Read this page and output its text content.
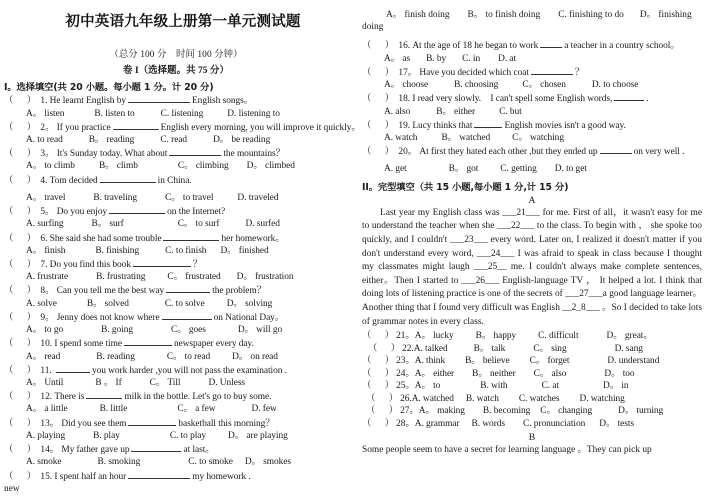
初中英语九年级上册第一单元测试题
（总分 100 分　时间 100 分钟）
卷 I（选择题。共 75 分）
I。选择填空(共 20 小题。每小题 1 分。计 20 分)
（　） 1. He learnt English by	English songs。
A。 listen	B. listen to	C. listening	D. listening to
（　） 2。 If you practice	English every morning, you will improve it quickly。
A. to read	B。 reading	C. read	D。 be reading
（　） 3。 It's Sunday today. What about	the mountains？
A。 to climb	B。 climb	C。 climbing D。 climbed
（　） 4. Tom decided	in China.
A。 travel	B. traveling	C。 to travel	D. traveled
（　） 5。 Do you enjoy	on the Internet?
A. surfing	B。 surf	C。 to surf	D. surfed
（　） 6. She said she had some trouble	her homework。
A。 finish	B. finishing	C. to finish D。 finished
（　） 7. Do you find this book	？
A. frustrate	B. frustrating C。 frustrated D。 frustration
（　） 8。 Can you tell me the best way	the problem？
A. solve	B。 solved	C. to solve D。 solving
（　） 9。 Jenny does not know where	on National Day。
A。 to go	B. going	C。 goes	D。 will go
（　） 10. I spend some time	newspaper every day.
A。 read	B. reading	C。 to read D。 on read
（　） 11.	you work harder ,you will not pass the examination .
A。 Until	B 。 If	C。 Till	D. Unless
（　） 12. There is	milk in the bottle. Let's go to buy some.
A。 a little	B. little	C。 a few	D. few
（　） 13。 Did you see them	basketball this morning？
A. playing	B. play	C. to play D。 are playing
（　） 14。 My father gave up	at last。
A. smoke	B. smoking	C. to smoke D。 smokes
（　） 15. I spent half an hour	my homework .
new
A。 finish doing B。 to finish doing C. finishing to do D。 finishing
doing
（　） 16. At the age of 18 he began to work	a teacher in a country school。
A。 as B. by C. in D. at
（　） 17。 Have you decided which coat	？
A。 choose	B. choosing	C。 chosen	D. to choose
（　） 18. I read very slowly.　I can't spell some English words,	.
A. also	B。 either	C. but
（　） 19. Lucy thinks that	English movies isn't a good way.
A. watch	B。 watched C。 watching
（　） 20。 At first they hated each other ,but they ended up	on very well .
A. get	B。 got C. getting D. to get
II。完型填空（共 15 小题,每小题 1 分,计 15 分)
A
Last year my English class was ___21___ for me. First of all，it wasn't easy for me to understand the teacher when she ___22___ to the class. To begin with ， she spoke too quickly, and I couldn't ___23___ every word. Later on, I realized it doesn't matter if you don't understand every word, ___24___ I was afraid to speak in class because I thought my classmates might laugh ___25__ me. I couldn't always make complete sentences, either。Then I started to ___26___ English-language TV ， It helped a lot. I think that doing lots of listening practice is one of the secrets of ___27___a good language learner。Another thing that I found very difficult was English __2_8___ 。So I decided to take lots of grammar notes in every class.
（　）21。A。 lucky B。 happy C. difficult	D。 great。
（　）22.A. talked	B。 talk	C。 sing	D. sang
（　）23。A. think B。 believe C。 forget	D. understand
（　）24。A。 either B。 neither C。 also	D。 too
（　）25。A。 to	B. with	C. at	D。 in
（　）26.A. watched B. watch C. watches D. watching
（　）27。A。 making B. becoming C。 changing	D。 turning
（　）28。A. grammar B. words C. pronunciation D。 tests
B
Some people seem to have a secret for learning language 。They can pick up
